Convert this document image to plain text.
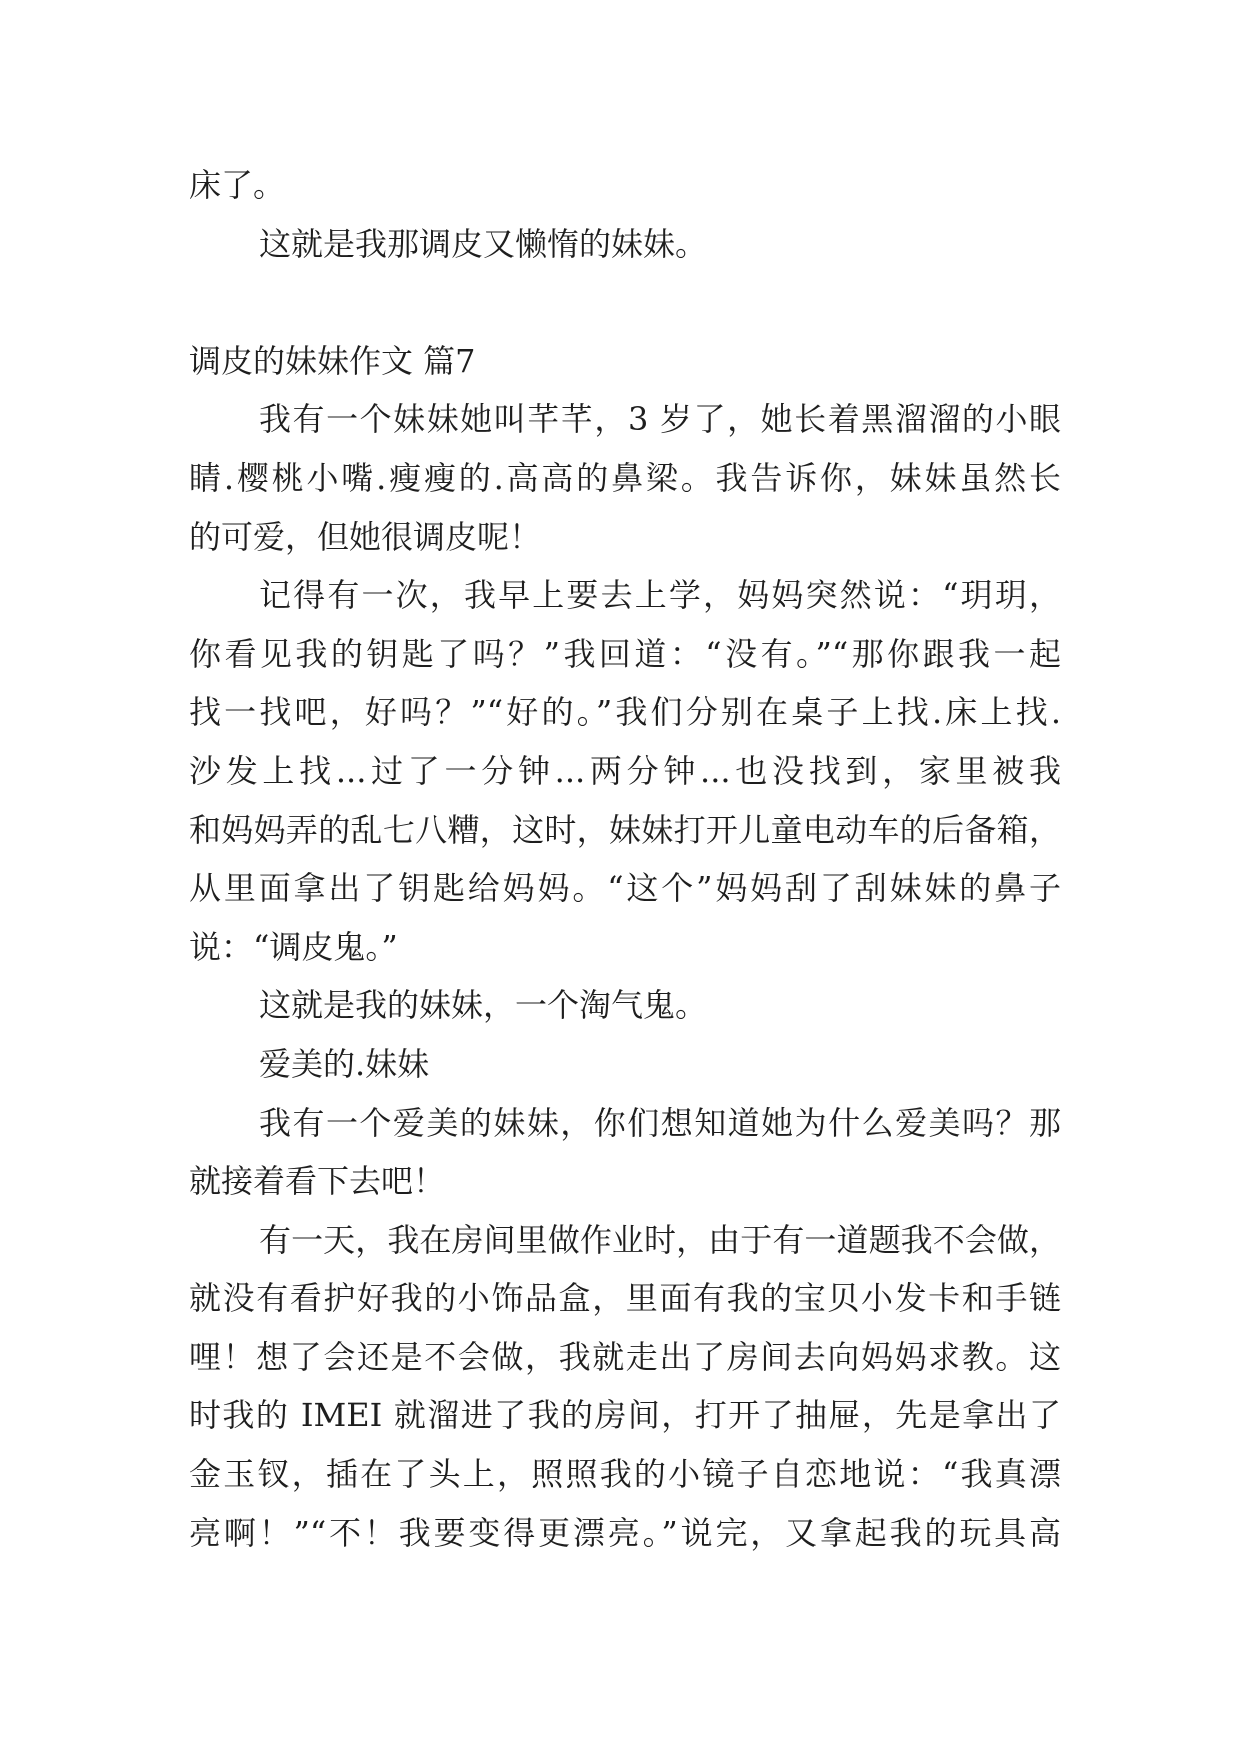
床了。
这就是我那调皮又懒惰的妹妹。
调皮的妹妹作文 篇7
我有一个妹妹她叫芊芊，3 岁了，她长着黑溜溜的小眼
睛.樱桃小嘴.瘦瘦的.高高的鼻梁。我告诉你，妹妹虽然长
的可爱，但她很调皮呢！
记得有一次，我早上要去上学，妈妈突然说：“玥玥，
你看见我的钥匙了吗？”我回道：“没有。”“那你跟我一起
找一找吧，好吗？”“好的。”我们分别在桌子上找.床上找.
沙发上找...过了一分钟...两分钟...也没找到，家里被我
和妈妈弄的乱七八糟，这时，妹妹打开儿童电动车的后备箱，
从里面拿出了钥匙给妈妈。“这个”妈妈刮了刮妹妹的鼻子
说：“调皮鬼。”
这就是我的妹妹，一个淘气鬼。
爱美的.妹妹
我有一个爱美的妹妹，你们想知道她为什么爱美吗？那
就接着看下去吧！
有一天，我在房间里做作业时，由于有一道题我不会做，
就没有看护好我的小饰品盒，里面有我的宝贝小发卡和手链
哩！想了会还是不会做，我就走出了房间去向妈妈求教。这
时我的 IMEI 就溜进了我的房间，打开了抽屉，先是拿出了
金玉钗，插在了头上，照照我的小镜子自恋地说：“我真漂
亮啊！”“不！我要变得更漂亮。”说完，又拿起我的玩具高
